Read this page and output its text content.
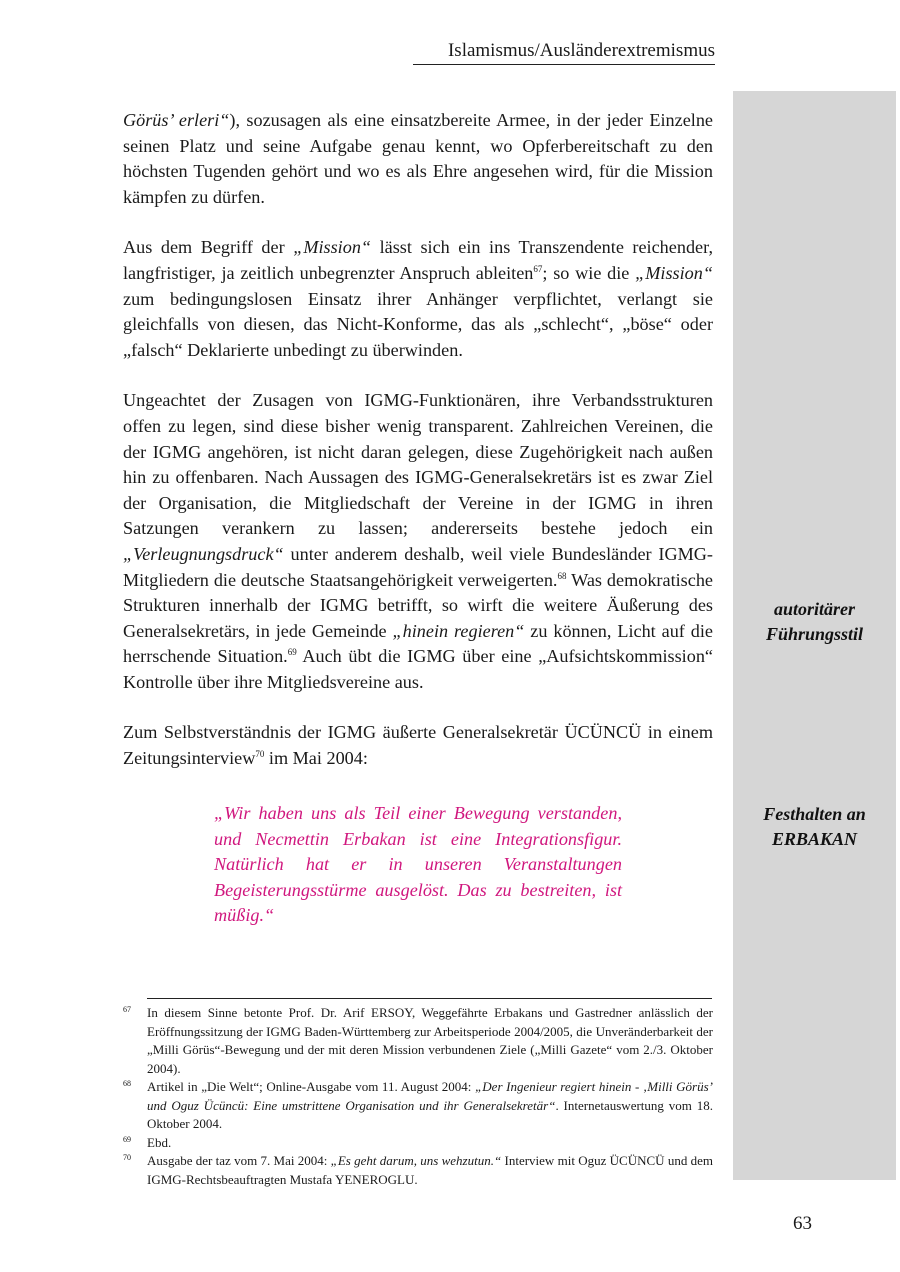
Islamismus/Ausländerextremismus
autoritärer
Führungsstil
Festhalten an
ERBAKAN

Görüs’ erleri“), sozusagen als eine einsatzbereite Armee, in der jeder Einzelne seinen Platz und seine Aufgabe genau kennt, wo Opferbereitschaft zu den höchsten Tugenden gehört und wo es als Ehre angesehen wird, für die Mission kämpfen zu dürfen.

Aus dem Begriff der „Mission“ lässt sich ein ins Transzendente reichender, langfristiger, ja zeitlich unbegrenzter Anspruch ableiten$^{67}$; so wie die „Mission“ zum bedingungslosen Einsatz ihrer Anhänger verpflichtet, verlangt sie gleichfalls von diesen, das Nicht-Konforme, das als „schlecht“, „böse“ oder „falsch“ Deklarierte unbedingt zu überwinden.

Ungeachtet der Zusagen von IGMG-Funktionären, ihre Verbandsstrukturen offen zu legen, sind diese bisher wenig transparent. Zahlreichen Vereinen, die der IGMG angehören, ist nicht daran gelegen, diese Zugehörigkeit nach außen hin zu offenbaren. Nach Aussagen des IGMG-Generalsekretärs ist es zwar Ziel der Organisation, die Mitgliedschaft der Vereine in der IGMG in ihren Satzungen verankern zu lassen; andererseits bestehe jedoch ein „Verleugnungsdruck“ unter anderem deshalb, weil viele Bundesländer IGMG-Mitgliedern die deutsche Staatsangehörigkeit verweigerten.$^{68}$ Was demokratische Strukturen innerhalb der IGMG betrifft, so wirft die weitere Äußerung des Generalsekretärs, in jede Gemeinde „hinein regieren“ zu können, Licht auf die herrschende Situation.$^{69}$ Auch übt die IGMG über eine „Aufsichtskommission“ Kontrolle über ihre Mitgliedsvereine aus.

Zum Selbstverständnis der IGMG äußerte Generalsekretär ÜCÜNCÜ in einem Zeitungsinterview$^{70}$ im Mai 2004:

„Wir haben uns als Teil einer Bewegung verstanden, und Necmettin Erbakan ist eine Integrationsfigur. Natürlich hat er in unseren Veranstaltungen Begeisterungsstürme ausgelöst. Das zu bestreiten, ist müßig.“
67 In diesem Sinne betonte Prof. Dr. Arif ERSOY, Weggefährte Erbakans und Gastredner anlässlich der Eröffnungssitzung der IGMG Baden-Württemberg zur Arbeitsperiode 2004/2005, die Unveränderbarkeit der „Milli Görüs“-Bewegung und der mit deren Mission verbundenen Ziele („Milli Gazete“ vom 2./3. Oktober 2004).
68 Artikel in „Die Welt“; Online-Ausgabe vom 11. August 2004: „Der Ingenieur regiert hinein - ‚Milli Görüs’ und Oguz Ücüncü: Eine umstrittene Organisation und ihr Generalsekretär“. Internetauswertung vom 18. Oktober 2004.
69 Ebd.
70 Ausgabe der taz vom 7. Mai 2004: „Es geht darum, uns wehzutun.“ Interview mit Oguz ÜCÜNCÜ und dem IGMG-Rechtsbeauftragten Mustafa YENEROGLU.
63
